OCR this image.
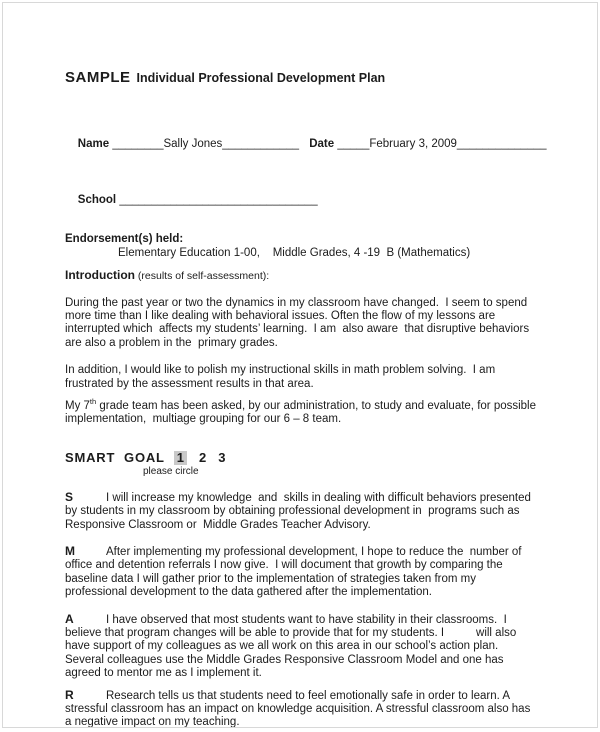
SAMPLE Individual Professional Development Plan

Name ________Sally Jones____________ Date _____February 3, 2009______________

School _______________________________

Endorsement(s) held:
Elementary Education 1-00,    Middle Grades, 4 -19  B (Mathematics)
Introduction (results of self-assessment):

During the past year or two the dynamics in my classroom have changed.  I seem to spend more time than I like dealing with behavioral issues. Often the flow of my lessons are interrupted which  affects my students’ learning.  I am  also aware  that disruptive behaviors are also a problem in the  primary grades.

In addition, I would like to polish my instructional skills in math problem solving.  I am frustrated by the assessment results in that area.

My 7th grade team has been asked, by our administration, to study and evaluate, for possible implementation,  multiage grouping for our 6 – 8 team.

SMART  GOAL 1 2 3
please circle

S	I will increase my knowledge  and  skills in dealing with difficult behaviors presented by students in my classroom by obtaining professional development in  programs such as Responsive Classroom or  Middle Grades Teacher Advisory.

M	After implementing my professional development, I hope to reduce the  number of office and detention referrals I now give.  I will document that growth by comparing the baseline data I will gather prior to the implementation of strategies taken from my professional development to the data gathered after the implementation.

A	I have observed that most students want to have stability in their classrooms.  I believe that program changes will be able to provide that for my students. I          will also have support of my colleagues as we all work on this area in our school’s action plan.  Several colleagues use the Middle Grades Responsive Classroom Model and one has agreed to mentor me as I implement it.

R	Research tells us that students need to feel emotionally safe in order to learn. A stressful classroom has an impact on knowledge acquisition. A stressful classroom also has a negative impact on my teaching.
